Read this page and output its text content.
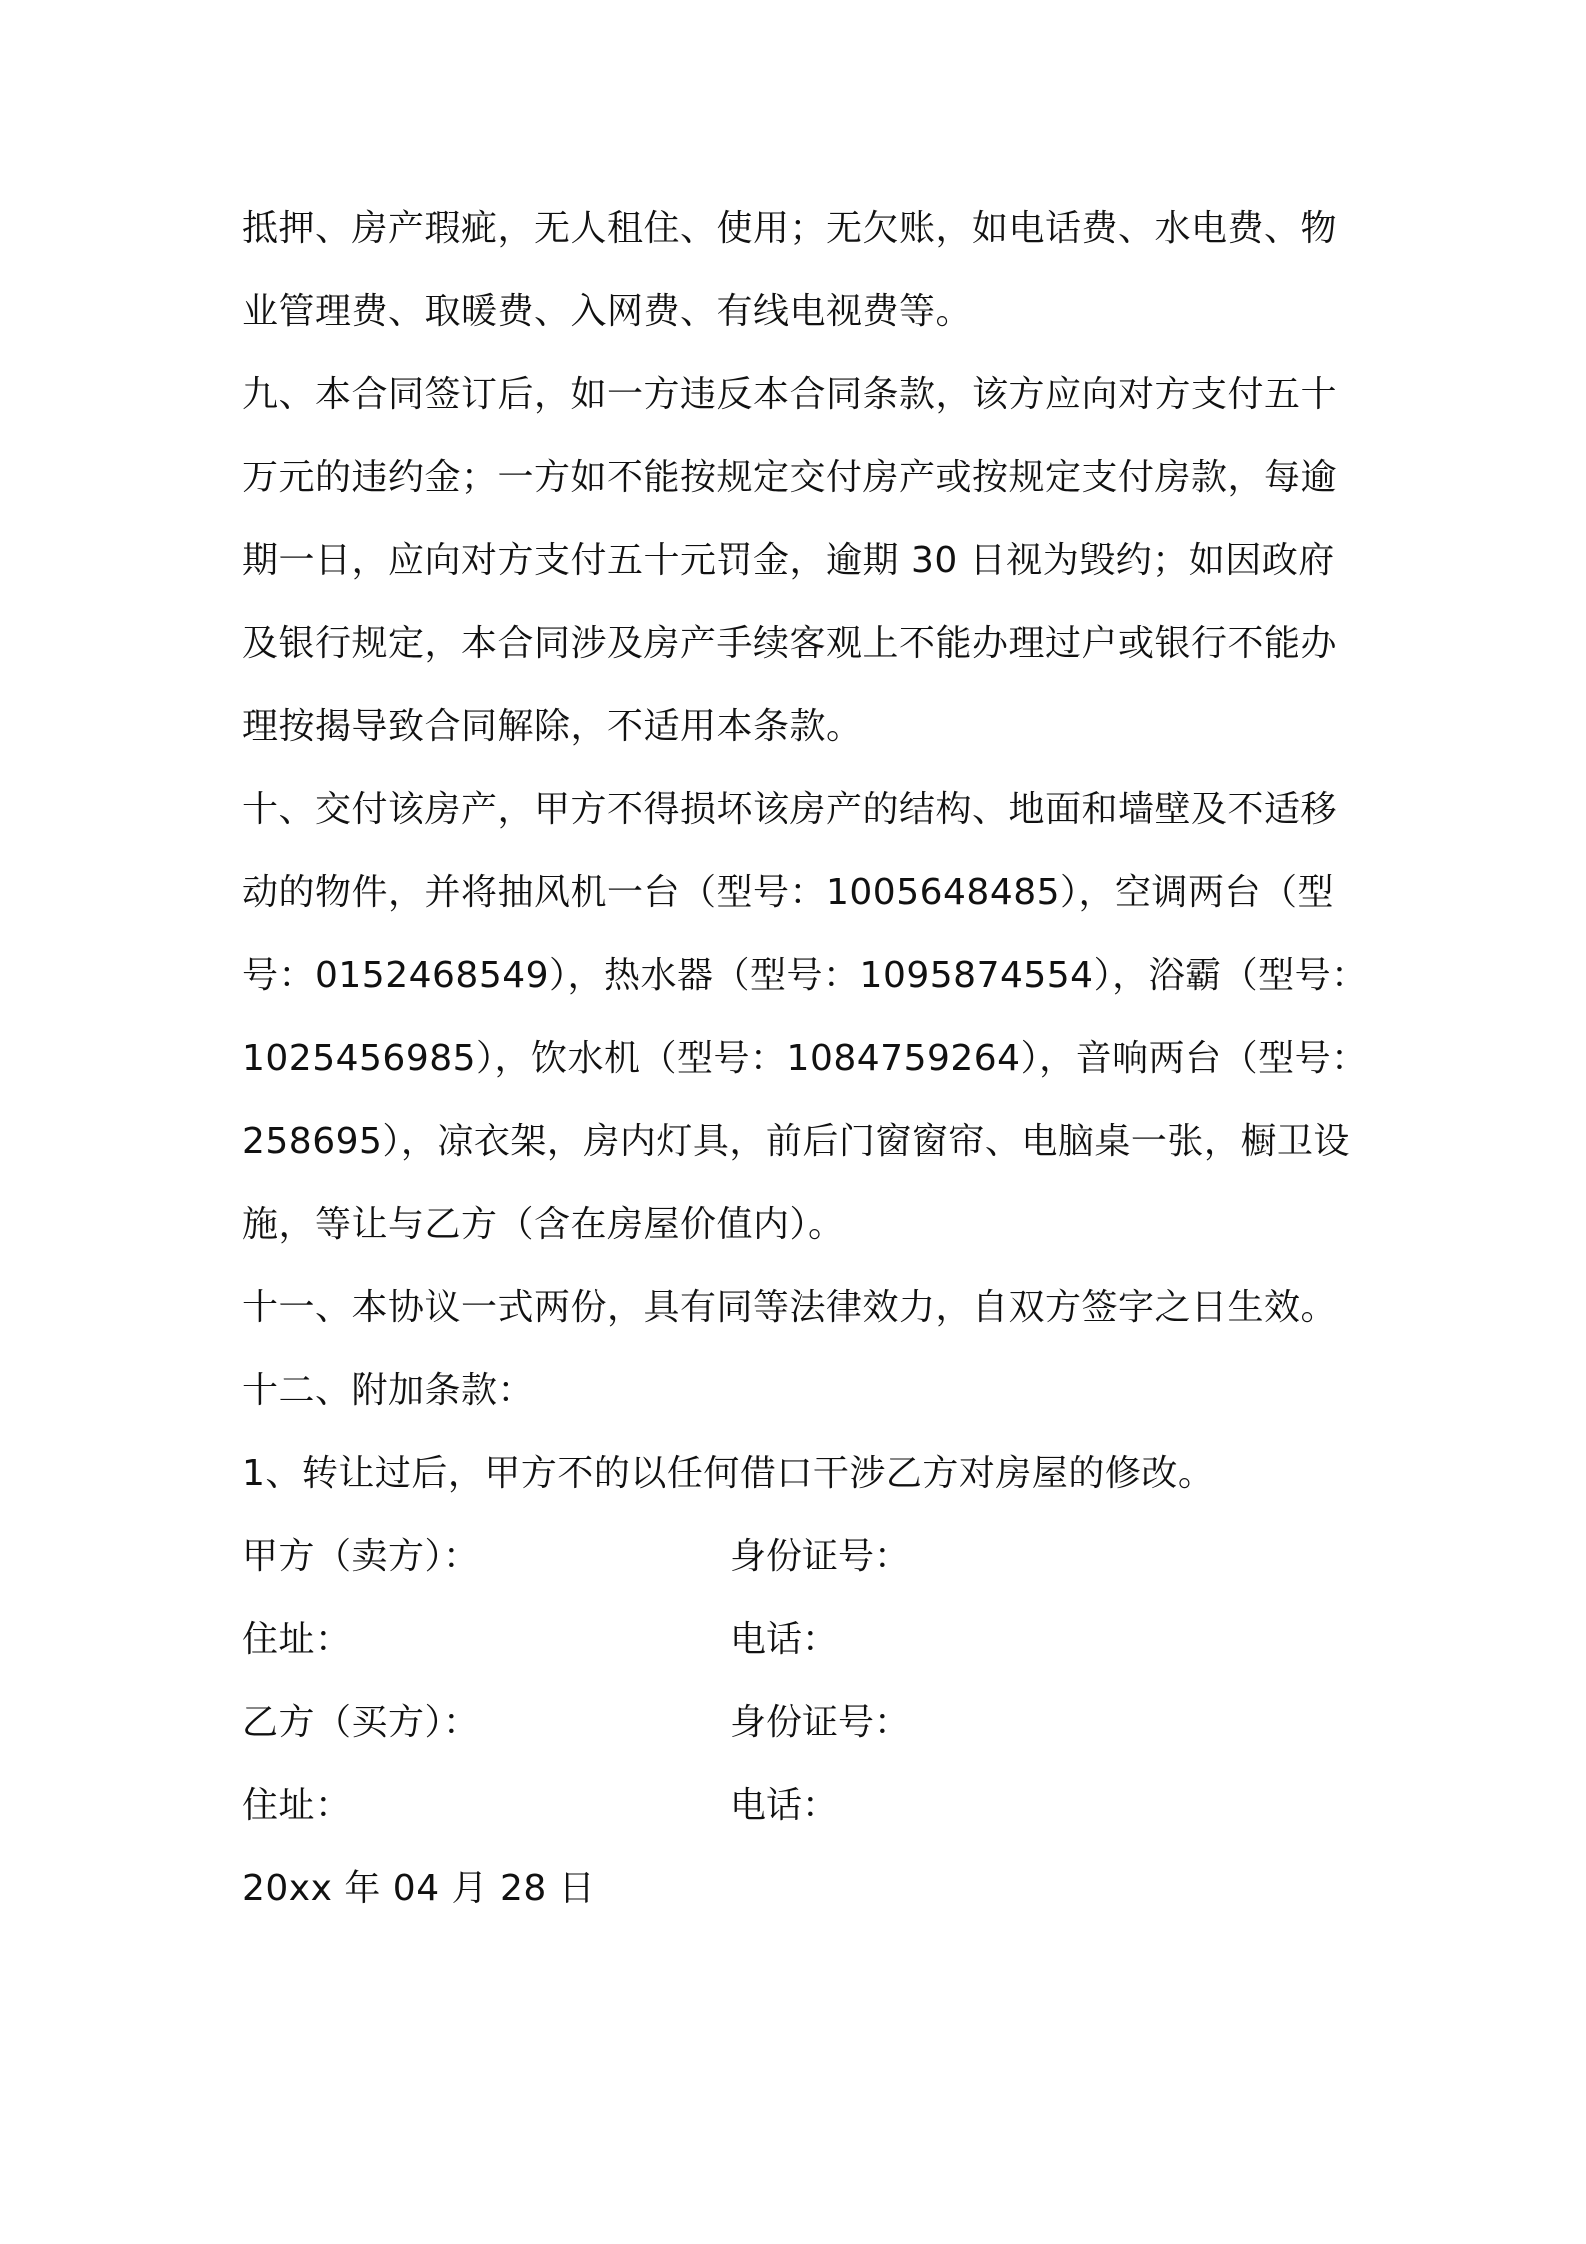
抵押、房产瑕疵，无人租住、使用；无欠账，如电话费、水电费、物
业管理费、取暖费、入网费、有线电视费等。
九、本合同签订后，如一方违反本合同条款，该方应向对方支付五十
万元的违约金；一方如不能按规定交付房产或按规定支付房款，每逾
期一日，应向对方支付五十元罚金，逾期 30 日视为毁约；如因政府
及银行规定，本合同涉及房产手续客观上不能办理过户或银行不能办
理按揭导致合同解除，不适用本条款。
十、交付该房产，甲方不得损坏该房产的结构、地面和墙壁及不适移
动的物件，并将抽风机一台（型号：1005648485），空调两台（型
号：0152468549），热水器（型号：1095874554），浴霸（型号：
1025456985），饮水机（型号：1084759264），音响两台（型号：
258695），凉衣架，房内灯具，前后门窗窗帘、电脑桌一张，橱卫设
施，等让与乙方（含在房屋价值内）。
十一、本协议一式两份，具有同等法律效力，自双方签字之日生效。
十二、附加条款：
1、转让过后，甲方不的以任何借口干涉乙方对房屋的修改。
甲方（卖方）：	身份证号：
住址：	电话：
乙方（买方）：	身份证号：
住址：	电话：
20xx 年 04 月 28 日
